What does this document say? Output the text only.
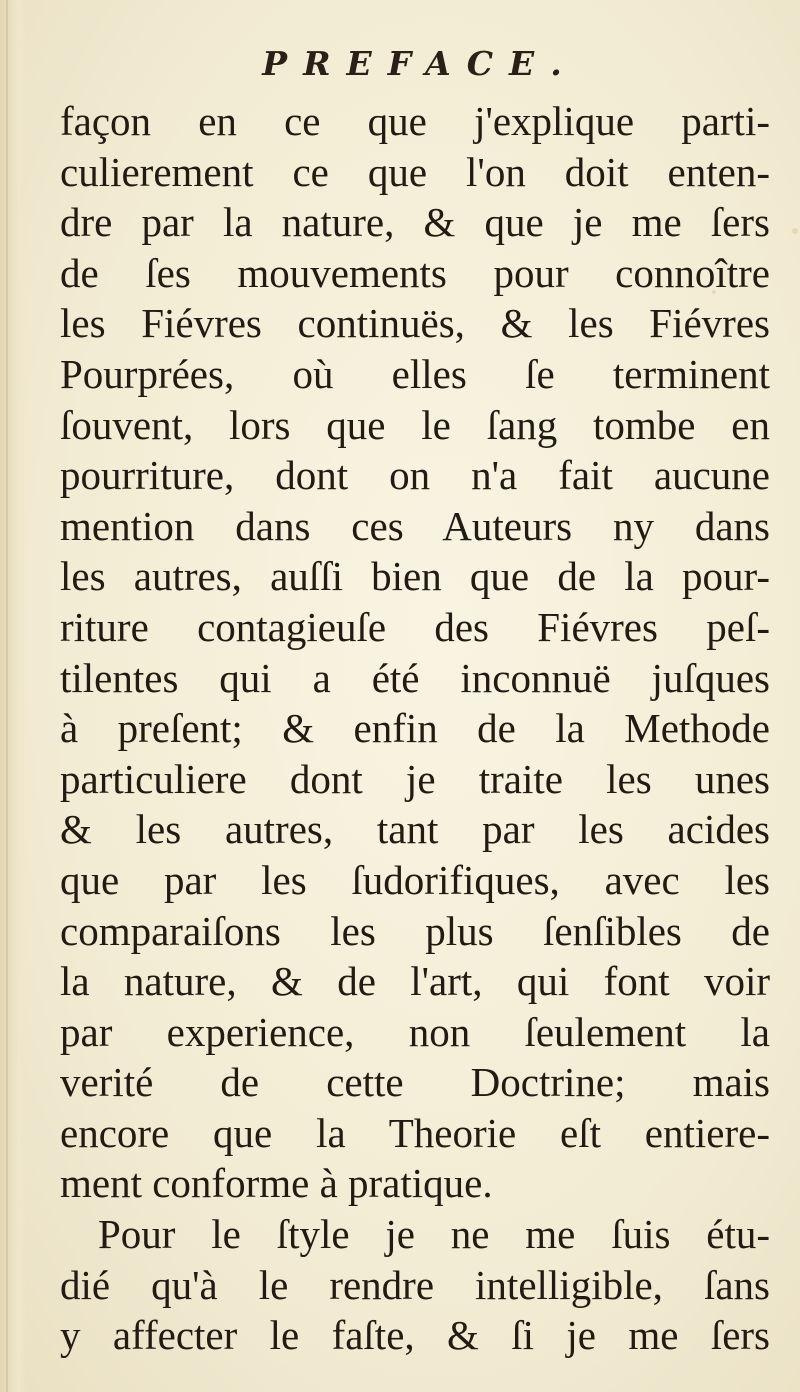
PREFACE.
façon en ce que j'explique parti-
culierement ce que l'on doit enten-
dre par la nature, & que je me ſers
de ſes mouvements pour connoître
les Fiévres continuës, & les Fiévres
Pourprées, où elles ſe terminent
ſouvent, lors que le ſang tombe en
pourriture, dont on n'a fait aucune
mention dans ces Auteurs ny dans
les autres, auſſi bien que de la pour-
riture contagieuſe des Fiévres peſ-
tilentes qui a été inconnuë juſques
à preſent; & enfin de la Methode
particuliere dont je traite les unes
& les autres, tant par les acides
que par les ſudorifiques, avec les
comparaiſons les plus ſenſibles de
la nature, & de l'art, qui font voir
par experience, non ſeulement la
verité de cette Doctrine; mais
encore que la Theorie eſt entiere-
ment conforme à pratique.
Pour le ſtyle je ne me ſuis étu-
dié qu'à le rendre intelligible, ſans
y affecter le faſte, & ſi je me ſers
